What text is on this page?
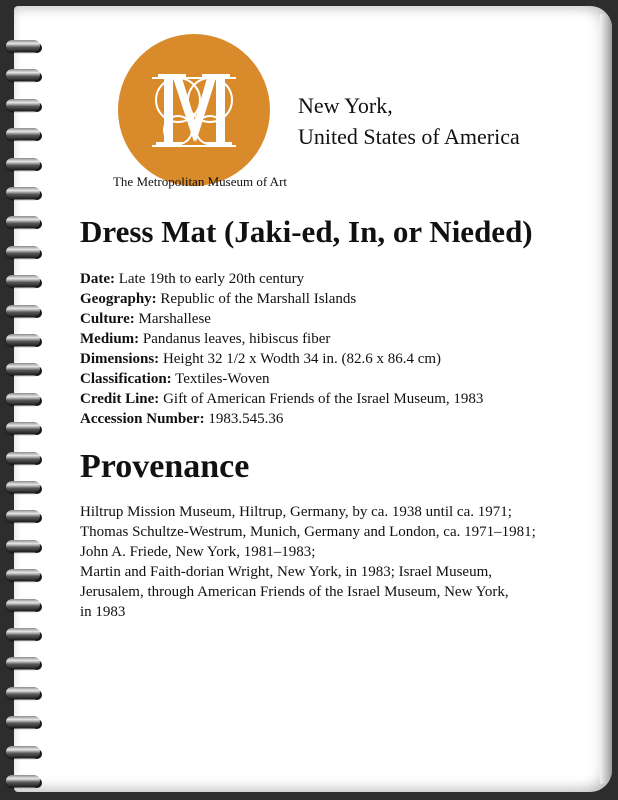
The Metropolitan Museum of Art
New York,
United States of America
Dress Mat (Jaki-ed, In, or Nieded)
Date: Late 19th to early 20th century
Geography: Republic of the Marshall Islands
Culture: Marshallese
Medium: Pandanus leaves, hibiscus fiber
Dimensions: Height 32 1/2 x Wodth 34 in. (82.6 x 86.4 cm)
Classification: Textiles-Woven
Credit Line: Gift of American Friends of the Israel Museum, 1983
Accession Number: 1983.545.36
Provenance
Hiltrup Mission Museum, Hiltrup, Germany, by ca. 1938 until ca. 1971;
Thomas Schultze-Westrum, Munich, Germany and London, ca. 1971–1981;
John A. Friede, New York, 1981–1983;
Martin and Faith-dorian Wright, New York, in 1983; Israel Museum,
Jerusalem, through American Friends of the Israel Museum, New York,
in 1983
